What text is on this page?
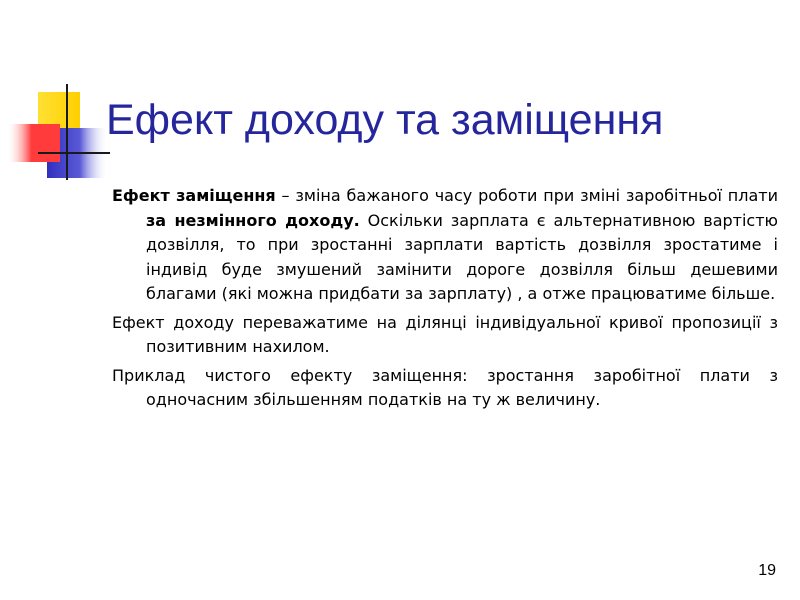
Ефект доходу та заміщення

Ефект заміщення – зміна бажаного часу роботи при зміні заробітньої плати за незмінного доходу. Оскільки зарплата є альтернативною вартістю дозвілля, то при зростанні зарплати вартість дозвілля зростатиме і індивід буде змушений замінити дороге дозвілля більш дешевими благами (які можна придбати за зарплату) , а отже працюватиме більше.

Ефект доходу переважатиме на ділянці індивідуальної кривої пропозиції з позитивним нахилом.

Приклад чистого ефекту заміщення: зростання заробітної плати з одночасним збільшенням податків на ту ж величину.

19
